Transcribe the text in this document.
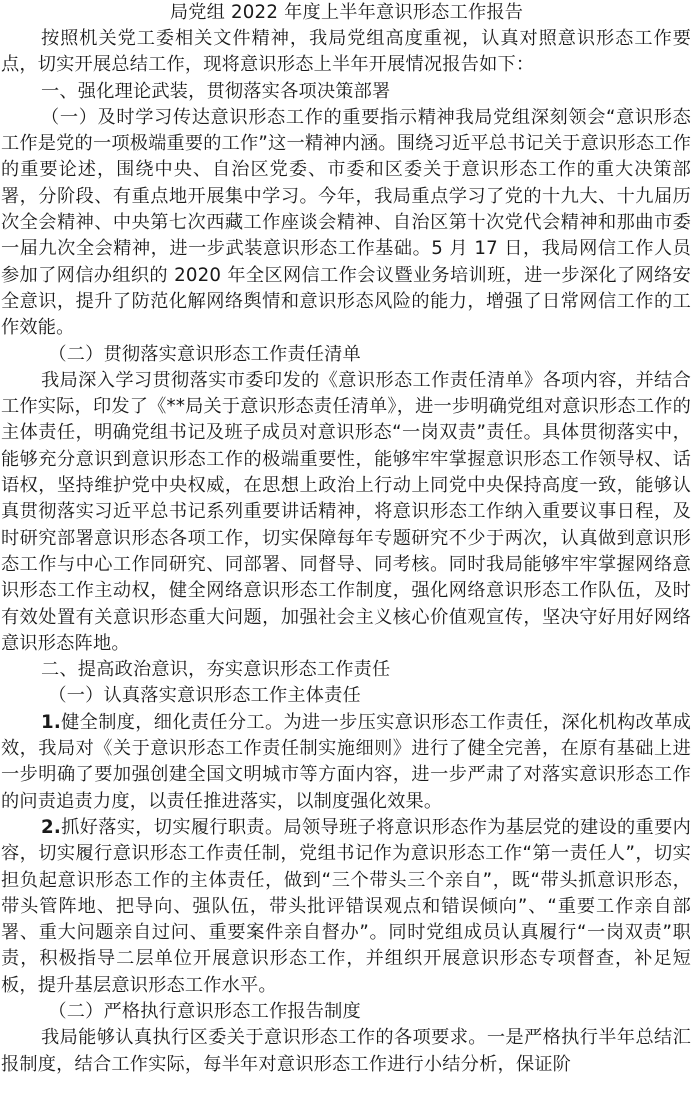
局党组 2022 年度上半年意识形态工作报告

按照机关党工委相关文件精神，我局党组高度重视，认真对照意识形态工作要点，切实开展总结工作，现将意识形态上半年开展情况报告如下：

一、强化理论武装，贯彻落实各项决策部署

（一）及时学习传达意识形态工作的重要指示精神我局党组深刻领会“意识形态工作是党的一项极端重要的工作”这一精神内涵。围绕习近平总书记关于意识形态工作的重要论述，围绕中央、自治区党委、市委和区委关于意识形态工作的重大决策部署，分阶段、有重点地开展集中学习。今年，我局重点学习了党的十九大、十九届历次全会精神、中央第七次西藏工作座谈会精神、自治区第十次党代会精神和那曲市委一届九次全会精神，进一步武装意识形态工作基础。5 月 17 日，我局网信工作人员参加了网信办组织的 2020 年全区网信工作会议暨业务培训班，进一步深化了网络安全意识，提升了防范化解网络舆情和意识形态风险的能力，增强了日常网信工作的工作效能。

（二）贯彻落实意识形态工作责任清单

我局深入学习贯彻落实市委印发的《意识形态工作责任清单》各项内容，并结合工作实际，印发了《**局关于意识形态责任清单》，进一步明确党组对意识形态工作的主体责任，明确党组书记及班子成员对意识形态“一岗双责”责任。具体贯彻落实中，能够充分意识到意识形态工作的极端重要性，能够牢牢掌握意识形态工作领导权、话语权，坚持维护党中央权威，在思想上政治上行动上同党中央保持高度一致，能够认真贯彻落实习近平总书记系列重要讲话精神，将意识形态工作纳入重要议事日程，及时研究部署意识形态各项工作，切实保障每年专题研究不少于两次，认真做到意识形态工作与中心工作同研究、同部署、同督导、同考核。同时我局能够牢牢掌握网络意识形态工作主动权，健全网络意识形态工作制度，强化网络意识形态工作队伍，及时有效处置有关意识形态重大问题，加强社会主义核心价值观宣传，坚决守好用好网络意识形态阵地。

二、提高政治意识，夯实意识形态工作责任

（一）认真落实意识形态工作主体责任

1.健全制度，细化责任分工。为进一步压实意识形态工作责任，深化机构改革成效，我局对《关于意识形态工作责任制实施细则》进行了健全完善，在原有基础上进一步明确了要加强创建全国文明城市等方面内容，进一步严肃了对落实意识形态工作的问责追责力度，以责任推进落实，以制度强化效果。

2.抓好落实，切实履行职责。局领导班子将意识形态作为基层党的建设的重要内容，切实履行意识形态工作责任制，党组书记作为意识形态工作“第一责任人”，切实担负起意识形态工作的主体责任，做到“三个带头三个亲自”，既“带头抓意识形态，带头管阵地、把导向、强队伍，带头批评错误观点和错误倾向”、“重要工作亲自部署、重大问题亲自过问、重要案件亲自督办”。同时党组成员认真履行“一岗双责”职责，积极指导二层单位开展意识形态工作，并组织开展意识形态专项督查，补足短板，提升基层意识形态工作水平。

（二）严格执行意识形态工作报告制度

我局能够认真执行区委关于意识形态工作的各项要求。一是严格执行半年总结汇报制度，结合工作实际，每半年对意识形态工作进行小结分析，保证阶
